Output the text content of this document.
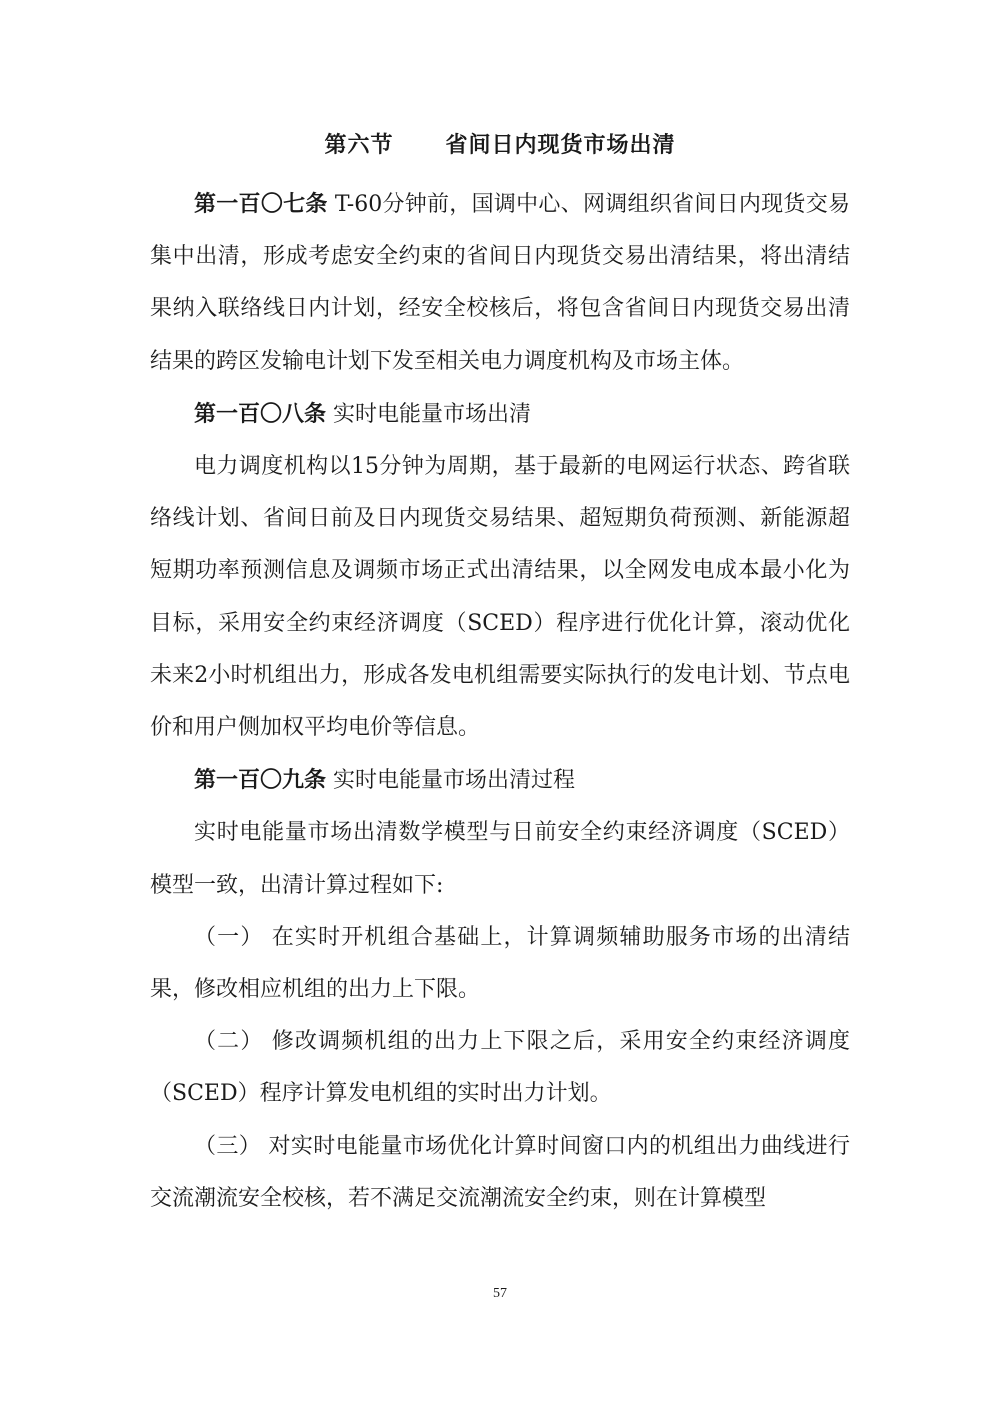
第六节      省间日内现货市场出清

第一百〇七条 T-60分钟前，国调中心、网调组织省间日内现货交易集中出清，形成考虑安全约束的省间日内现货交易出清结果，将出清结果纳入联络线日内计划，经安全校核后，将包含省间日内现货交易出清结果的跨区发输电计划下发至相关电力调度机构及市场主体。

第一百〇八条 实时电能量市场出清

电力调度机构以15分钟为周期，基于最新的电网运行状态、跨省联络线计划、省间日前及日内现货交易结果、超短期负荷预测、新能源超短期功率预测信息及调频市场正式出清结果，以全网发电成本最小化为目标，采用安全约束经济调度（SCED）程序进行优化计算，滚动优化未来2小时机组出力，形成各发电机组需要实际执行的发电计划、节点电价和用户侧加权平均电价等信息。

第一百〇九条 实时电能量市场出清过程

实时电能量市场出清数学模型与日前安全约束经济调度（SCED）模型一致，出清计算过程如下:

（一） 在实时开机组合基础上，计算调频辅助服务市场的出清结果，修改相应机组的出力上下限。

（二） 修改调频机组的出力上下限之后，采用安全约束经济调度（SCED）程序计算发电机组的实时出力计划。

（三） 对实时电能量市场优化计算时间窗口内的机组出力曲线进行交流潮流安全校核，若不满足交流潮流安全约束，则在计算模型

57
